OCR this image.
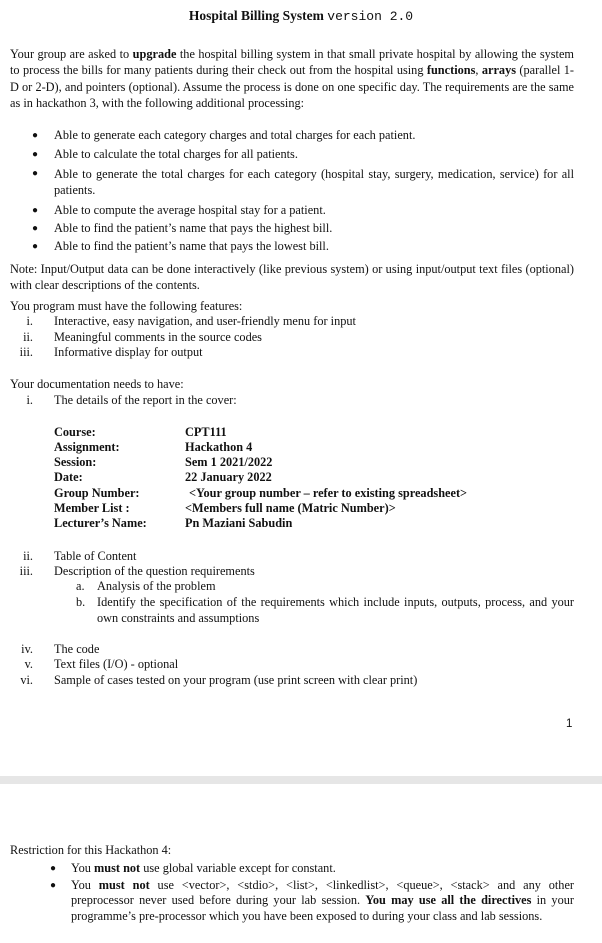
Hospital Billing System version 2.0
Your group are asked to upgrade the hospital billing system in that small private hospital by allowing the system to process the bills for many patients during their check out from the hospital using functions, arrays (parallel 1-D or 2-D), and pointers (optional). Assume the process is done on one specific day. The requirements are the same as in hackathon 3, with the following additional processing:
● Able to generate each category charges and total charges for each patient.
● Able to calculate the total charges for all patients.
● Able to generate the total charges for each category (hospital stay, surgery, medication, service) for all patients.
● Able to compute the average hospital stay for a patient.
● Able to find the patient’s name that pays the highest bill.
● Able to find the patient’s name that pays the lowest bill.
Note: Input/Output data can be done interactively (like previous system) or using input/output text files (optional) with clear descriptions of the contents.
You program must have the following features:
i. Interactive, easy navigation, and user-friendly menu for input
ii. Meaningful comments in the source codes
iii. Informative display for output
Your documentation needs to have:
i. The details of the report in the cover:
Course:	CPT111
Assignment:	Hackathon 4
Session:	Sem 1 2021/2022
Date:	22 January 2022
Group Number:	<Your group number – refer to existing spreadsheet>
Member List :	<Members full name (Matric Number)>
Lecturer’s Name:	Pn Maziani Sabudin
ii. Table of Content
iii. Description of the question requirements
a. Analysis of the problem
b. Identify the specification of the requirements which include inputs, outputs, process, and your own constraints and assumptions
iv. The code
v. Text files (I/O) - optional
vi. Sample of cases tested on your program (use print screen with clear print)
1
Restriction for this Hackathon 4:
● You must not use global variable except for constant.
● You must not use <vector>, <stdio>, <list>, <linkedlist>, <queue>, <stack> and any other preprocessor never used before during your lab session. You may use all the directives in your programme’s pre-processor which you have been exposed to during your class and lab sessions.
